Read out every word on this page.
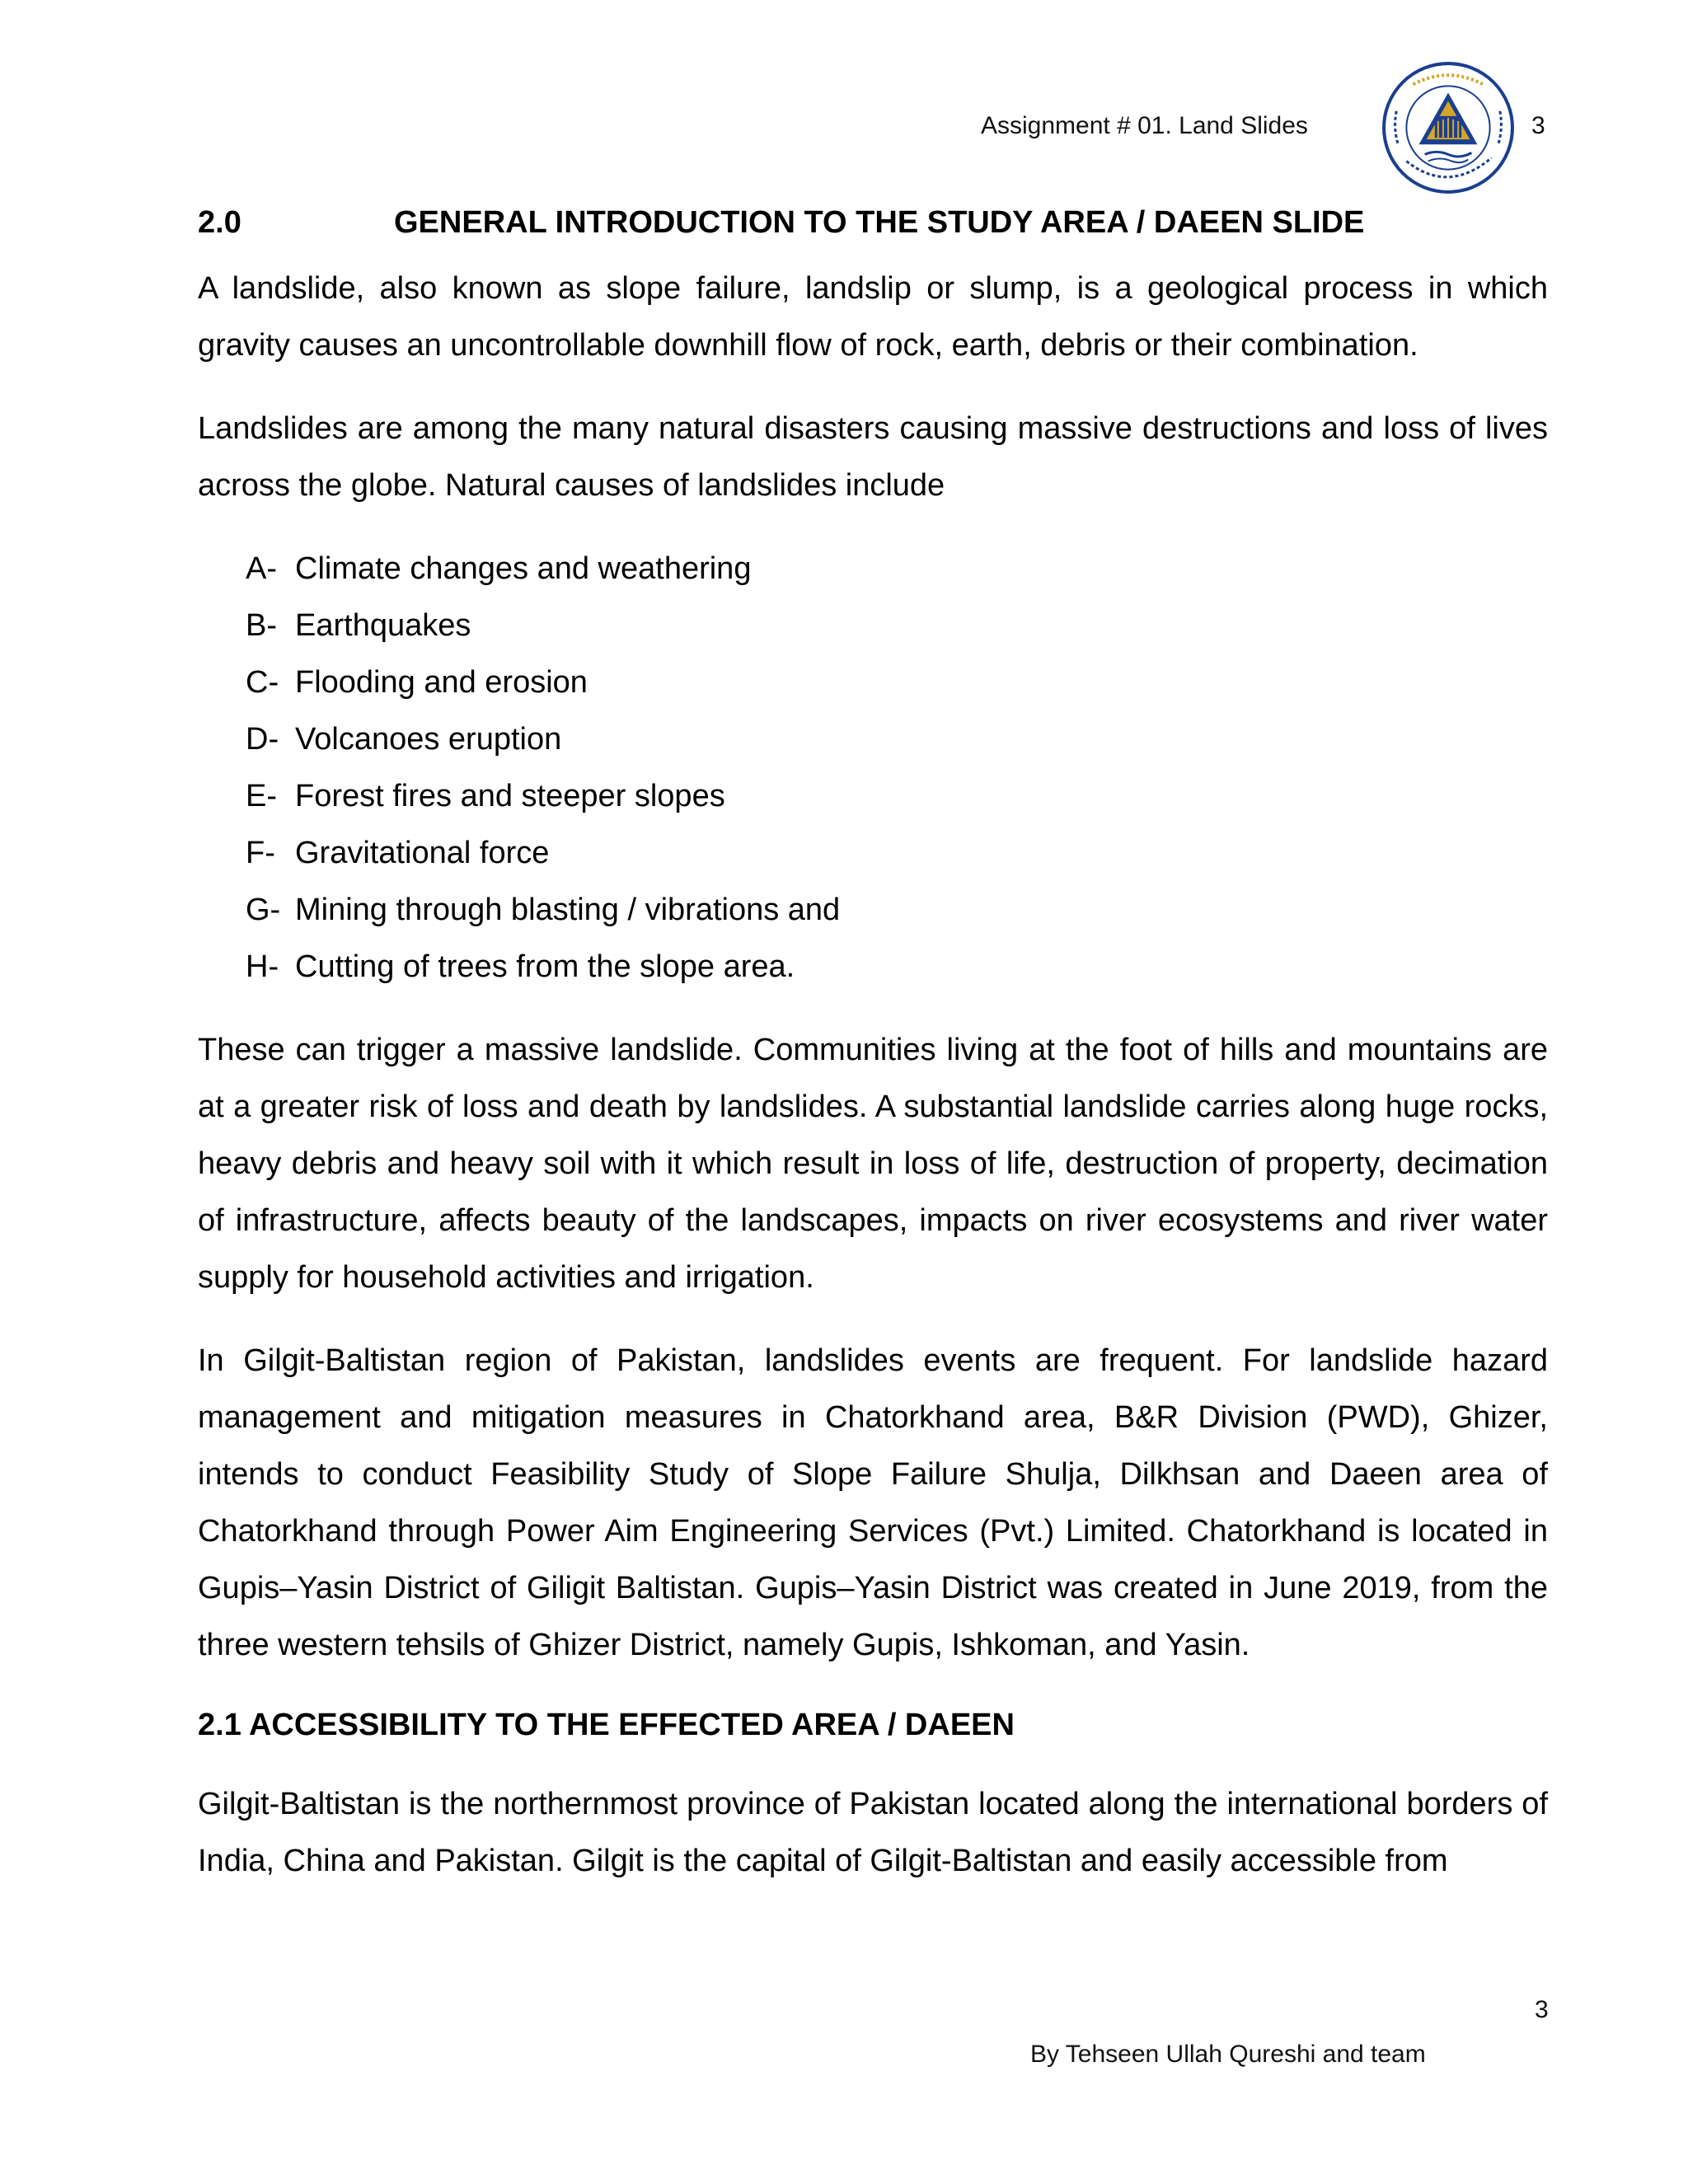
Assignment # 01. Land Slides	3
2.0	GENERAL INTRODUCTION TO THE STUDY AREA / DAEEN SLIDE

A landslide, also known as slope failure, landslip or slump, is a geological process in which gravity causes an uncontrollable downhill flow of rock, earth, debris or their combination.

Landslides are among the many natural disasters causing massive destructions and loss of lives across the globe. Natural causes of landslides include

A- Climate changes and weathering
B- Earthquakes
C- Flooding and erosion
D- Volcanoes eruption
E- Forest fires and steeper slopes
F- Gravitational force
G- Mining through blasting / vibrations and
H- Cutting of trees from the slope area.

These can trigger a massive landslide. Communities living at the foot of hills and mountains are at a greater risk of loss and death by landslides. A substantial landslide carries along huge rocks, heavy debris and heavy soil with it which result in loss of life, destruction of property, decimation of infrastructure, affects beauty of the landscapes, impacts on river ecosystems and river water supply for household activities and irrigation.

In Gilgit-Baltistan region of Pakistan, landslides events are frequent. For landslide hazard management and mitigation measures in Chatorkhand area, B&R Division (PWD), Ghizer, intends to conduct Feasibility Study of Slope Failure Shulja, Dilkhsan and Daeen area of Chatorkhand through Power Aim Engineering Services (Pvt.) Limited. Chatorkhand is located in Gupis–Yasin District of Giligit Baltistan. Gupis–Yasin District was created in June 2019, from the three western tehsils of Ghizer District, namely Gupis, Ishkoman, and Yasin.

2.1 ACCESSIBILITY TO THE EFFECTED AREA / DAEEN

Gilgit-Baltistan is the northernmost province of Pakistan located along the international borders of India, China and Pakistan. Gilgit is the capital of Gilgit-Baltistan and easily accessible from

3
By Tehseen Ullah Qureshi and team
